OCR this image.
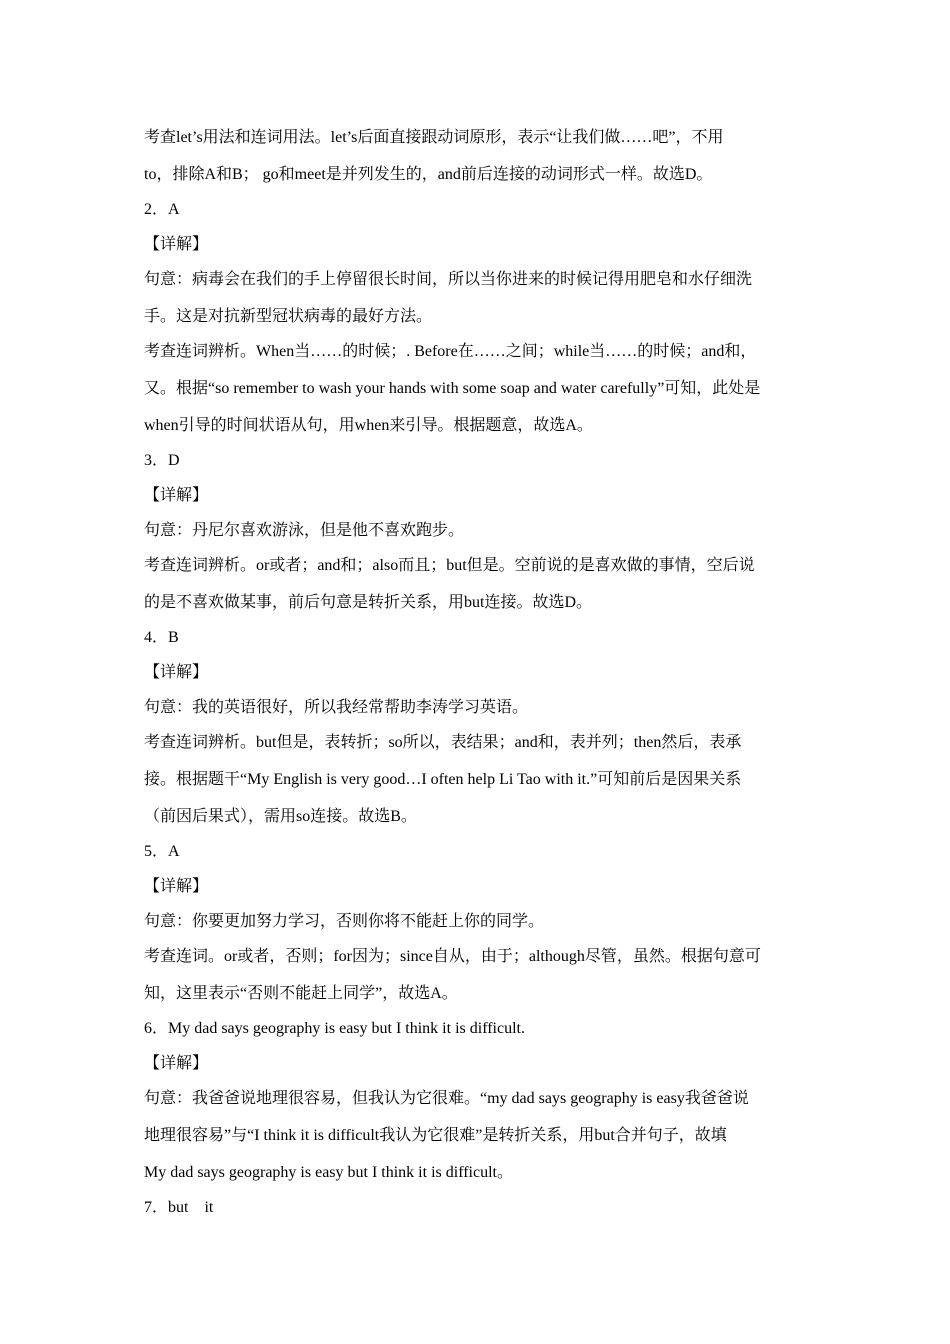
考查let’s用法和连词用法。let’s后面直接跟动词原形，表示“让我们做……吧”，不用
to，排除A和B； go和meet是并列发生的，and前后连接的动词形式一样。故选D。
2．A
【详解】
句意：病毒会在我们的手上停留很长时间，所以当你进来的时候记得用肥皂和水仔细洗
手。这是对抗新型冠状病毒的最好方法。
考查连词辨析。When当……的时候；. Before在……之间；while当……的时候；and和，
又。根据“so remember to wash your hands with some soap and water carefully”可知，此处是
when引导的时间状语从句，用when来引导。根据题意，故选A。
3．D
【详解】
句意：丹尼尔喜欢游泳，但是他不喜欢跑步。
考查连词辨析。or或者；and和；also而且；but但是。空前说的是喜欢做的事情，空后说
的是不喜欢做某事，前后句意是转折关系，用but连接。故选D。
4．B
【详解】
句意：我的英语很好，所以我经常帮助李涛学习英语。
考查连词辨析。but但是，表转折；so所以，表结果；and和，表并列；then然后，表承
接。根据题干“My English is very good…I often help Li Tao with it.”可知前后是因果关系
（前因后果式），需用so连接。故选B。
5．A
【详解】
句意：你要更加努力学习，否则你将不能赶上你的同学。
考查连词。or或者，否则；for因为；since自从，由于；although尽管，虽然。根据句意可
知，这里表示“否则不能赶上同学”，故选A。
6．My dad says geography is easy but I think it is difficult.
【详解】
句意：我爸爸说地理很容易，但我认为它很难。“my dad says geography is easy我爸爸说
地理很容易”与“I think it is difficult我认为它很难”是转折关系，用but合并句子，故填
My dad says geography is easy but I think it is difficult。
7．but    it
